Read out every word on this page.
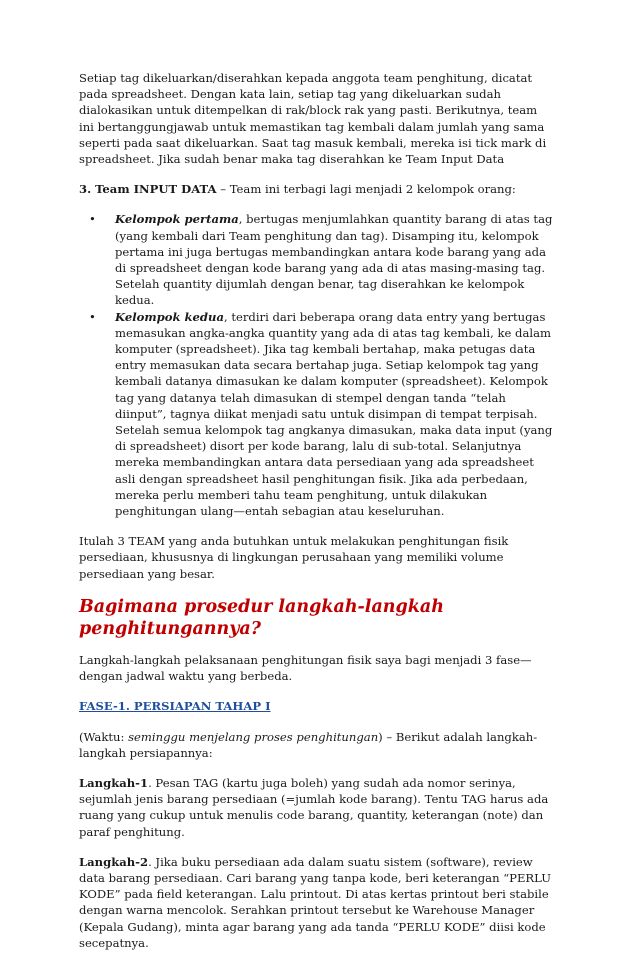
Setiap tag dikeluarkan/diserahkan kepada anggota team penghitung, dicatat pada spreadsheet. Dengan kata lain, setiap tag yang dikeluarkan sudah dialokasikan untuk ditempelkan di rak/block rak yang pasti. Berikutnya, team ini bertanggungjawab untuk memastikan tag kembali dalam jumlah yang sama seperti pada saat dikeluarkan. Saat tag masuk kembali, mereka isi tick mark di spreadsheet. Jika sudah benar maka tag diserahkan ke Team Input Data

3. Team INPUT DATA – Team ini terbagi lagi menjadi 2 kelompok orang:

• Kelompok pertama, bertugas menjumlahkan quantity barang di atas tag (yang kembali dari Team penghitung dan tag). Disamping itu, kelompok pertama ini juga bertugas membandingkan antara kode barang yang ada di spreadsheet dengan kode barang yang ada di atas masing-masing tag. Setelah quantity dijumlah dengan benar, tag diserahkan ke kelompok kedua.
• Kelompok kedua, terdiri dari beberapa orang data entry yang bertugas memasukan angka-angka quantity yang ada di atas tag kembali, ke dalam komputer (spreadsheet). Jika tag kembali bertahap, maka petugas data entry memasukan data secara bertahap juga. Setiap kelompok tag yang kembali datanya dimasukan ke dalam komputer (spreadsheet). Kelompok tag yang datanya telah dimasukan di stempel dengan tanda “telah diinput”, tagnya diikat menjadi satu untuk disimpan di tempat terpisah. Setelah semua kelompok tag angkanya dimasukan, maka data input (yang di spreadsheet) disort per kode barang, lalu di sub-total. Selanjutnya mereka membandingkan antara data persediaan yang ada spreadsheet asli dengan spreadsheet hasil penghitungan fisik. Jika ada perbedaan, mereka perlu memberi tahu team penghitung, untuk dilakukan penghitungan ulang—entah sebagian atau keseluruhan.

Itulah 3 TEAM yang anda butuhkan untuk melakukan penghitungan fisik persediaan, khususnya di lingkungan perusahaan yang memiliki volume persediaan yang besar.

Bagimana prosedur langkah-langkah penghitungannya?

Langkah-langkah pelaksanaan penghitungan fisik saya bagi menjadi 3 fase—dengan jadwal waktu yang berbeda.

FASE-1. PERSIAPAN TAHAP I

(Waktu: seminggu menjelang proses penghitungan) – Berikut adalah langkah-langkah persiapannya:

Langkah-1. Pesan TAG (kartu juga boleh) yang sudah ada nomor serinya, sejumlah jenis barang persediaan (=jumlah kode barang). Tentu TAG harus ada ruang yang cukup untuk menulis code barang, quantity, keterangan (note) dan paraf penghitung.

Langkah-2. Jika buku persediaan ada dalam suatu sistem (software), review data barang persediaan. Cari barang yang tanpa kode, beri keterangan “PERLU KODE” pada field keterangan. Lalu printout. Di atas kertas printout beri stabile dengan warna mencolok. Serahkan printout tersebut ke Warehouse Manager (Kepala Gudang), minta agar barang yang ada tanda “PERLU KODE” diisi kode secepatnya.
